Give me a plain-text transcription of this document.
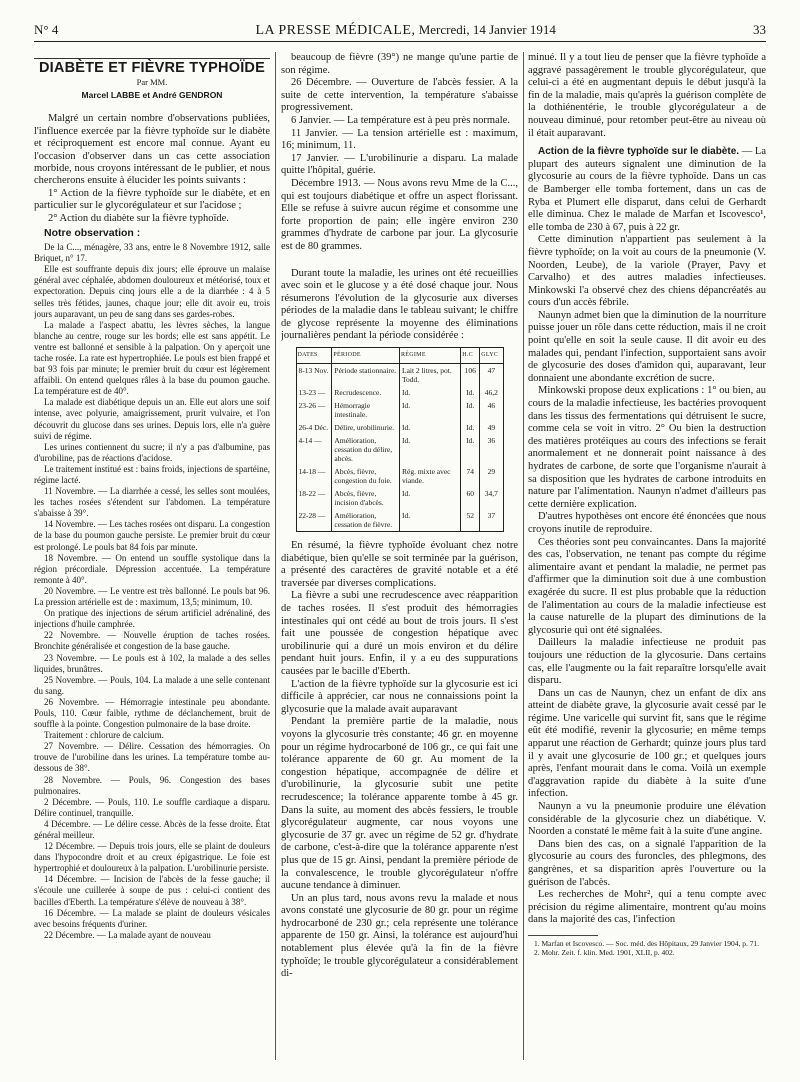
N° 4	LA PRESSE MÉDICALE, Mercredi, 14 Janvier 1914	33
DIABÈTE ET FIÈVRE TYPHOÏDE
Par MM.
Marcel LABBE et André GENDRON

Malgré un certain nombre d'observations publiées, l'influence exercée par la fièvre typhoïde sur le diabète et réciproquement est encore mal connue. Ayant eu l'occasion d'observer dans un cas cette association morbide, nous croyons intéressant de le publier, et nous chercherons ensuite à élucider les points suivants :

1° Action de la fièvre typhoïde sur le diabète, et en particulier sur le glycorégulateur et sur l'acidose ;

2° Action du diabète sur la fièvre typhoïde.

Notre observation :

De la C..., ménagère, 33 ans, entre le 8 Novembre 1912, salle Briquet, n° 17.

Elle est souffrante depuis dix jours; elle éprouve un malaise général avec céphalée, abdomen douloureux et météorisé, toux et expectoration. Depuis cinq jours elle a de la diarrhée : 4 à 5 selles très fétides, jaunes, chaque jour; elle dit avoir eu, trois jours auparavant, un peu de sang dans ses gardes-robes.

La malade a l'aspect abattu, les lèvres sèches, la langue blanche au centre, rouge sur les bords; elle est sans appétit. Le ventre est ballonné et sensible à la palpation. On y aperçoit une tache rosée. La rate est hypertrophiée. Le pouls est bien frappé et bat 93 fois par minute; le premier bruit du cœur est légèrement affaibli. On entend quelques râles à la base du poumon gauche. La température est de 40°.

La malade est diabétique depuis un an. Elle eut alors une soif intense, avec polyurie, amaigrissement, prurit vulvaire, et l'on découvrit du glucose dans ses urines. Depuis lors, elle n'a guère suivi de régime.

Les urines contiennent du sucre; il n'y a pas d'albumine, pas d'urobiline, pas de réactions d'acidose.

Le traitement institué est : bains froids, injections de spartéine, régime lacté.

11 Novembre. — La diarrhée a cessé, les selles sont moulées, les taches rosées s'étendent sur l'abdomen. La température s'abaisse à 39°.

14 Novembre. — Les taches rosées ont disparu. La congestion de la base du poumon gauche persiste. Le premier bruit du cœur est prolongé. Le pouls bat 84 fois par minute.

18 Novembre. — On entend un souffle systolique dans la région précordiale. Dépression accentuée. La température remonte à 40°.

20 Novembre. — Le ventre est très ballonné. Le pouls bat 96. La pression artérielle est de : maximum, 13,5; minimum, 10.

On pratique des injections de sérum artificiel adrénaliné, des injections d'huile camphrée.

22 Novembre. — Nouvelle éruption de taches rosées. Bronchite généralisée et congestion de la base gauche.

23 Novembre. — Le pouls est à 102, la malade a des selles liquides, brunâtres.

25 Novembre. — Pouls, 104. La malade a une selle contenant du sang.

26 Novembre. — Hémorragie intestinale peu abondante. Pouls, 110. Cœur faible, rythme de déclanchement, bruit de souffle à la pointe. Congestion pulmonaire de la base droite.

Traitement : chlorure de calcium.

27 Novembre. — Délire. Cessation des hémorragies. On trouve de l'urobiline dans les urines. La température tombe au-dessous de 38°.

28 Novembre. — Pouls, 96. Congestion des bases pulmonaires.

2 Décembre. — Pouls, 110. Le souffle cardiaque a disparu. Délire continuel, tranquille.

4 Décembre. — Le délire cesse. Abcès de la fesse droite. État général meilleur.

12 Décembre. — Depuis trois jours, elle se plaint de douleurs dans l'hypocondre droit et au creux épigastrique. Le foie est hypertrophié et douloureux à la palpation. L'urobilinurie persiste.

14 Décembre. — Incision de l'abcès de la fesse gauche; il s'écoule une cuillerée à soupe de pus : celui-ci contient des bacilles d'Eberth. La température s'élève de nouveau à 38°.

16 Décembre. — La malade se plaint de douleurs vésicales avec besoins fréquents d'uriner.

22 Décembre. — La malade ayant de nouveau

beaucoup de fièvre (39°) ne mange qu'une partie de son régime.

26 Décembre. — Ouverture de l'abcès fessier. A la suite de cette intervention, la température s'abaisse progressivement.

6 Janvier. — La température est à peu près normale.

11 Janvier. — La tension artérielle est : maximum, 16; minimum, 11.

17 Janvier. — L'urobilinurie a disparu. La malade quitte l'hôpital, guérie.

Décembre 1913. — Nous avons revu Mme de la C..., qui est toujours diabétique et offre un aspect florissant. Elle se refuse à suivre aucun régime et consomme une forte proportion de pain; elle ingère environ 230 grammes d'hydrate de carbone par jour. La glycosurie est de 80 grammes.

Durant toute la maladie, les urines ont été recueillies avec soin et le glucose y a été dosé chaque jour. Nous résumerons l'évolution de la glycosurie aux diverses périodes de la maladie dans le tableau suivant; le chiffre de glycose représente la moyenne des éliminations journalières pendant la période considérée :

DATES	PÉRIODE	RÉGIME	H.C	GLYC
8-13 Nov.	Période stationnaire.	Lait 2 litres, pot. Todd.	106	47
13-23 —	Recrudescence.	Id.	Id.	46,2
23-26 —	Hémorragie intestinale.	Id.	Id.	46
26-4 Déc.	Délire, urobilinurie.	Id.	Id.	49
4-14 —	Amélioration, cessation du délire, abcès.	Id.	Id.	36
14-18 —	Abcès, fièvre, congestion du foie.	Rég. mixte avec viande.	74	29
18-22 —	Abcès, fièvre, incision d'abcès.	Id.	60	34,7
22-28 —	Amélioration, cessation de fièvre.	Id.	52	37

En résumé, la fièvre typhoïde évoluant chez notre diabétique, bien qu'elle se soit terminée par la guérison, a présenté des caractères de gravité notable et a été traversée par diverses complications.

La fièvre a subi une recrudescence avec réapparition de taches rosées. Il s'est produit des hémorragies intestinales qui ont cédé au bout de trois jours. Il s'est fait une poussée de congestion hépatique avec urobilinurie qui a duré un mois environ et du délire pendant huit jours. Enfin, il y a eu des suppurations causées par le bacille d'Eberth.

L'action de la fièvre typhoïde sur la glycosurie est ici difficile à apprécier, car nous ne connaissions point la glycosurie que la malade avait auparavant

Pendant la première partie de la maladie, nous voyons la glycosurie très constante; 46 gr. en moyenne pour un régime hydrocarboné de 106 gr., ce qui fait une tolérance apparente de 60 gr. Au moment de la congestion hépatique, accompagnée de délire et d'urobilinurie, la glycosurie subit une petite recrudescence; la tolérance apparente tombe à 45 gr. Dans la suite, au moment des abcès fessiers, le trouble glycorégulateur augmente, car nous voyons une glycosurie de 37 gr. avec un régime de 52 gr. d'hydrate de carbone, c'est-à-dire que la tolérance apparente n'est plus que de 15 gr. Ainsi, pendant la première période de la convalescence, le trouble glycorégulateur n'offre aucune tendance à diminuer.

Un an plus tard, nous avons revu la malade et nous avons constaté une glycosurie de 80 gr. pour un régime hydrocarboné de 230 gr.; cela représente une tolérance apparente de 150 gr. Ainsi, la tolérance est aujourd'hui notablement plus élevée qu'à la fin de la fièvre typhoïde; le trouble glycorégulateur a considérablement di-

minué. Il y a tout lieu de penser que la fièvre typhoïde a aggravé passagèrement le trouble glycorégulateur, que celui-ci a été en augmentant depuis le début jusqu'à la fin de la maladie, mais qu'après la guérison complète de la dothiénentérie, le trouble glycorégulateur a de nouveau diminué, pour retomber peut-être au niveau où il était auparavant.

Action de la fièvre typhoïde sur le diabète. — La plupart des auteurs signalent une diminution de la glycosurie au cours de la fièvre typhoïde. Dans un cas de Bamberger elle tomba fortement, dans un cas de Ryba et Plumert elle disparut, dans celui de Gerhardt elle diminua. Chez le malade de Marfan et Iscovesco¹, elle tomba de 230 à 67, puis à 22 gr.

Cette diminution n'appartient pas seulement à la fièvre typhoïde; on la voit au cours de la pneumonie (V. Noorden, Leube), de la variole (Prayer, Pavy et Carvalho) et des autres maladies infectieuses. Minkowski l'a observé chez des chiens dépancréatés au cours d'un accès fébrile.

Naunyn admet bien que la diminution de la nourriture puisse jouer un rôle dans cette réduction, mais il ne croit point qu'elle en soit la seule cause. Il dit avoir eu des malades qui, pendant l'infection, supportaient sans avoir de glycosurie des doses d'amidon qui, auparavant, leur donnaient une abondante excrétion de sucre.

Minkowski propose deux explications : 1° ou bien, au cours de la maladie infectieuse, les bactéries provoquent dans les tissus des fermentations qui détruisent le sucre, comme cela se voit in vitro. 2° Ou bien la destruction des matières protéiques au cours des infections se ferait anormalement et ne donnerait point naissance à des hydrates de carbone, de sorte que l'organisme n'aurait à sa disposition que les hydrates de carbone introduits en nature par l'alimentation. Naunyn n'admet d'ailleurs pas cette dernière explication.

D'autres hypothèses ont encore été énoncées que nous croyons inutile de reproduire.

Ces théories sont peu convaincantes. Dans la majorité des cas, l'observation, ne tenant pas compte du régime alimentaire avant et pendant la maladie, ne permet pas d'affirmer que la diminution soit due à une combustion exagérée du sucre. Il est plus probable que la réduction de l'alimentation au cours de la maladie infectieuse est la cause naturelle de la plupart des diminutions de la glycosurie qui ont été signalées.

Dailleurs la maladie infectieuse ne produit pas toujours une réduction de la glycosurie. Dans certains cas, elle l'augmente ou la fait reparaître lorsqu'elle avait disparu.

Dans un cas de Naunyn, chez un enfant de dix ans atteint de diabète grave, la glycosurie avait cessé par le régime. Une varicelle qui survint fit, sans que le régime eût été modifié, revenir la glycosurie; en même temps apparut une réaction de Gerhardt; quinze jours plus tard il y avait une glycosurie de 100 gr.; et quelques jours après, l'enfant mourait dans le coma. Voilà un exemple d'aggravation rapide du diabète à la suite d'une infection.

Naunyn a vu la pneumonie produire une élévation considérable de la glycosurie chez un diabétique. V. Noorden a constaté le même fait à la suite d'une angine.

Dans bien des cas, on a signalé l'apparition de la glycosurie au cours des furoncles, des phlegmons, des gangrènes, et sa disparition après l'ouverture ou la guérison de l'abcès.

Les recherches de Mohr², qui a tenu compte avec précision du régime alimentaire, montrent qu'au moins dans la majorité des cas, l'infection

1. Marfan et Iscovesco. — Soc. méd. des Hôpitaux, 29 Janvier 1904, p. 71.

2. Mohr. Zeit. f. klin. Med. 1901, XLII, p. 402.
